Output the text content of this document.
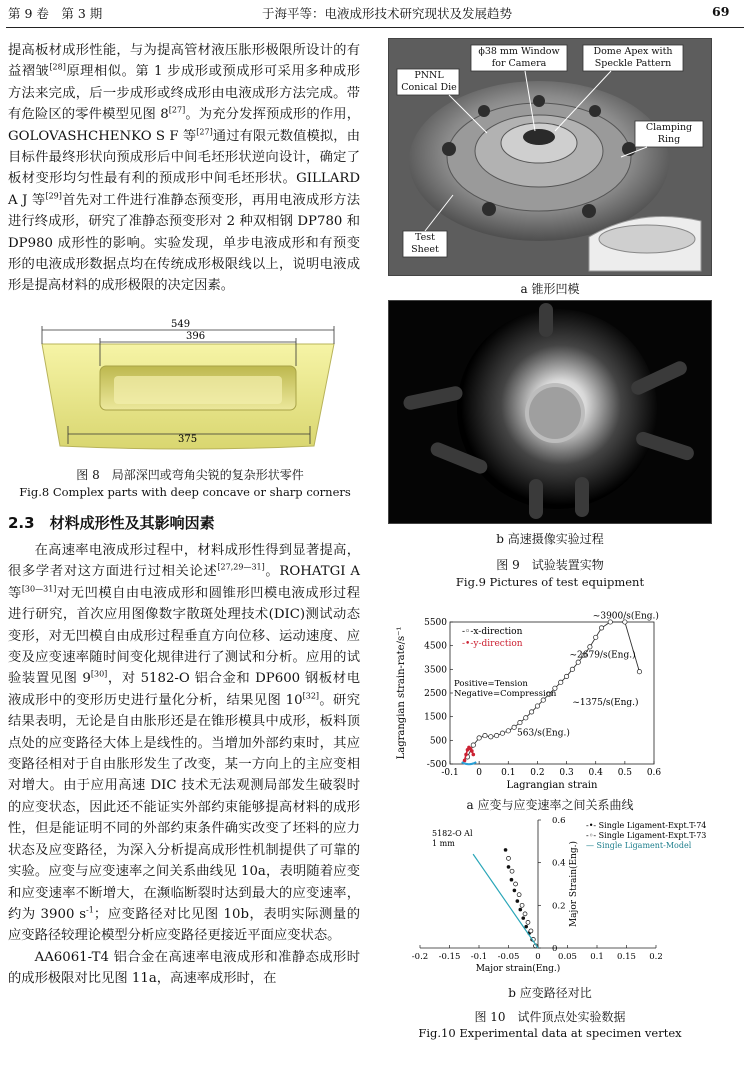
第 9 卷　第 3 期	于海平等：电液成形技术研究现状及发展趋势	69

提高板材成形性能，与为提高管材液压胀形极限所设计的有益褶皱[28]原理相似。第 1 步成形或预成形可采用多种成形方法来完成，后一步成形或终成形由电液成形方法完成。带有危险区的零件模型见图 8[27]。为充分发挥预成形的作用，GOLOVASHCHENKO S F 等[27]通过有限元数值模拟，由目标件最终形状向预成形后中间毛坯形状逆向设计，确定了板材变形均匀性最有利的预成形中间毛坯形状。GILLARD A J 等[29]首先对工件进行准静态预变形，再用电液成形方法进行终成形，研究了准静态预变形对 2 种双相钢 DP780 和 DP980 成形性的影响。实验发现，单步电液成形和有预变形的电液成形数据点均在传统成形极限线以上，说明电液成形是提高材料的成形极限的决定因素。

549
396
375
图 8　局部深凹或弯角尖锐的复杂形状零件
Fig.8 Complex parts with deep concave or sharp corners
2.3　材料成形性及其影响因素

在高速率电液成形过程中，材料成形性得到显著提高，很多学者对这方面进行过相关论述[27,29—31]。ROHATGI A 等[30—31]对无凹模自由电液成形和圆锥形凹模电液成形过程进行研究，首次应用图像数字散斑处理技术(DIC)测试动态变形，对无凹模自由成形过程垂直方向位移、运动速度、应变及应变速率随时间变化规律进行了测试和分析。应用的试验装置见图 9[30]，对 5182-O 铝合金和 DP600 钢板材电液成形中的变形历史进行量化分析，结果见图 10[32]。研究结果表明，无论是自由胀形还是在锥形模具中成形，板料顶点处的应变路径大体上是线性的。当增加外部约束时，其应变路径相对于自由胀形发生了改变，某一方向上的主应变相对增大。由于应用高速 DIC 技术无法观测局部发生破裂时的应变状态，因此还不能证实外部约束能够提高材料的成形性，但是能证明不同的外部约束条件确实改变了坯料的应力状态及应变路径，为深入分析提高成形性机制提供了可靠的实验。应变与应变速率之间关系曲线见 10a，表明随着应变和应变速率不断增大，在濒临断裂时达到最大的应变速率，约为 3900 $s^{-1}$；应变路径对比见图 10b，表明实际测量的应变路径较理论模型分析应变路径更接近平面应变状态。

AA6061-T4 铝合金在高速率电液成形和准静态成形时的成形极限对比见图 11a，高速率成形时，在

PNNL
Conical Die
ϕ38 mm Window
for Camera
Dome Apex with
Speckle Pattern
Clamping
Ring
Test
Sheet
a 锥形凹模
b 高速摄像实验过程
图 9　试验装置实物
Fig.9 Pictures of test equipment
-0.1 0 0.1 0.2 0.3 0.4 0.5 0.6
-500
500
1500
2500
3500
4500
5500
Lagrangian strain
Lagrangian strain-rate/s⁻¹	-◦-x-direction
-•-y-direction
Positive=Tension
Negative=Compression
~3900/s(Eng.)
~2679/s(Eng.)
~1375/s(Eng.)
563/s(Eng.)
a 应变与应变速率之间关系曲线
-0.2 -0.15 -0.1 -0.05 0 0.05 0.1 0.15 0.2
0
0.2
0.4
0.6
Major strain(Eng.)
Major Strain(Eng.)
5182-O Al
1 mm
-•- Single Ligament-Expt.T-74
-◦- Single Ligament-Expt.T-73
— Single Ligament-Model
b 应变路径对比
图 10　试件顶点处实验数据
Fig.10 Experimental data at specimen vertex
